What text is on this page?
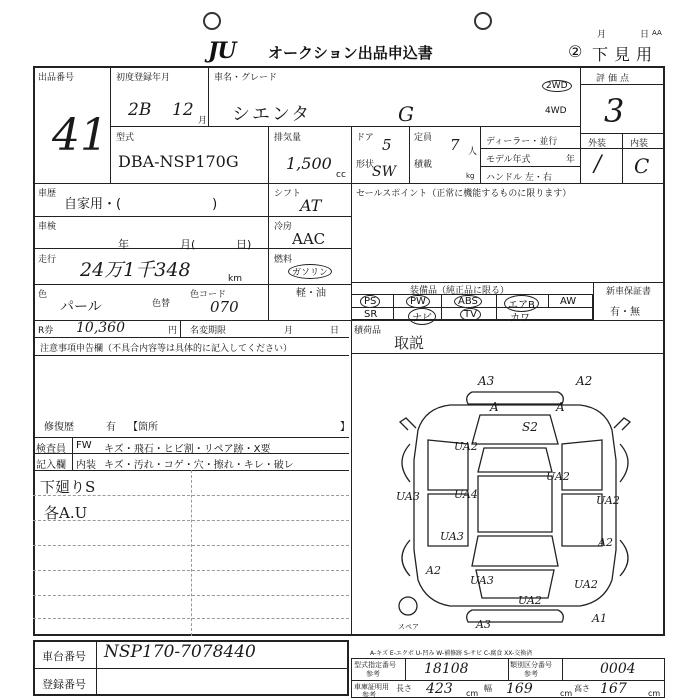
JU オークション出品申込書
月	日 AA
② 下見用
出品番号
41
初度登録年月
2B 12
月
車名・グレード
シエンタ	G
2WD
4WD
評価点
3
外装	内装
/ C
型式
DBA-NSP170G
排気量
1,500
cc
ドア 5 定員 7 人
形状
SW 積載
kg
ディーラー・並行
モデル年式	年
ハンドル 左・右
車歴
自家用・(　　　　　　　)
シフト
AT
セールスポイント（正常に機能するものに限ります）
車検
年	月(	日)
冷房
AAC
走行 24万1千348	km
燃料
ガソリン
軽・油
色
パール	色替
色コード
070
装備品（純正品に限る）
PS	PW	ABS	エアB	AW
SR	ナビ	TV	カワ
新車保証書
有・無
R券 10,360	円 名変期限	月	日 積荷品
取説
注意事項申告欄（不具合内容等は具体的に記入してください）
修復歴	有 【箇所	】
検査員
記入欄
FW キズ・飛石・ヒビ割・リペア跡・X要
内装 キズ・汚れ・コゲ・穴・擦れ・キレ・破レ
下廻りS
各A.U
A3	A2
A	A
S2
UA2
UA2
UA2
UA3	UA4
UA3	A2
A2
UA3	UA2
UA2
A1
A3
スペア
車台番号 NSP170-7078440
登録番号
A-キズ E-エクボ U-凹み W-補修跡 S-サビ C-腐食 XX-交換済
型式指定番号
参考	18108	類別区分番号
参考	0004
車庫証明用
参考
長さ 423 cm
幅 169	cm
高さ 167	cm
